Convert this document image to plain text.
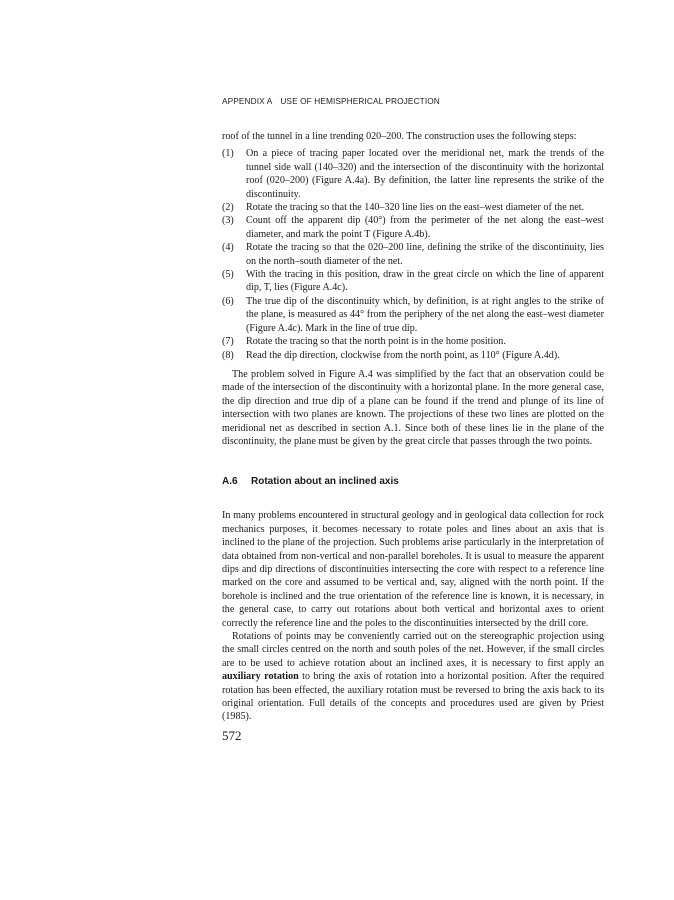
APPENDIX A USE OF HEMISPHERICAL PROJECTION

roof of the tunnel in a line trending 020–200. The construction uses the following steps:

(1) On a piece of tracing paper located over the meridional net, mark the trends of the tunnel side wall (140–320) and the intersection of the discontinuity with the horizontal roof (020–200) (Figure A.4a). By definition, the latter line represents the strike of the discontinuity.
(2) Rotate the tracing so that the 140–320 line lies on the east–west diameter of the net.
(3) Count off the apparent dip (40°) from the perimeter of the net along the east–west diameter, and mark the point T (Figure A.4b).
(4) Rotate the tracing so that the 020–200 line, defining the strike of the discontinuity, lies on the north–south diameter of the net.
(5) With the tracing in this position, draw in the great circle on which the line of apparent dip, T, lies (Figure A.4c).
(6) The true dip of the discontinuity which, by definition, is at right angles to the strike of the plane, is measured as 44° from the periphery of the net along the east–west diameter (Figure A.4c). Mark in the line of true dip.
(7) Rotate the tracing so that the north point is in the home position.
(8) Read the dip direction, clockwise from the north point, as 110° (Figure A.4d).

The problem solved in Figure A.4 was simplified by the fact that an observation could be made of the intersection of the discontinuity with a horizontal plane. In the more general case, the dip direction and true dip of a plane can be found if the trend and plunge of its line of intersection with two planes are known. The projections of these two lines are plotted on the meridional net as described in section A.1. Since both of these lines lie in the plane of the discontinuity, the plane must be given by the great circle that passes through the two points.

A.6 Rotation about an inclined axis

In many problems encountered in structural geology and in geological data collection for rock mechanics purposes, it becomes necessary to rotate poles and lines about an axis that is inclined to the plane of the projection. Such problems arise particularly in the interpretation of data obtained from non-vertical and non-parallel boreholes. It is usual to measure the apparent dips and dip directions of discontinuities intersecting the core with respect to a reference line marked on the core and assumed to be vertical and, say, aligned with the north point. If the borehole is inclined and the true orientation of the reference line is known, it is necessary, in the general case, to carry out rotations about both vertical and horizontal axes to orient correctly the reference line and the poles to the discontinuities intersected by the drill core.

Rotations of points may be conveniently carried out on the stereographic projection using the small circles centred on the north and south poles of the net. However, if the small circles are to be used to achieve rotation about an inclined axes, it is necessary to first apply an auxiliary rotation to bring the axis of rotation into a horizontal position. After the required rotation has been effected, the auxiliary rotation must be reversed to bring the axis back to its original orientation. Full details of the concepts and procedures used are given by Priest (1985).

572
